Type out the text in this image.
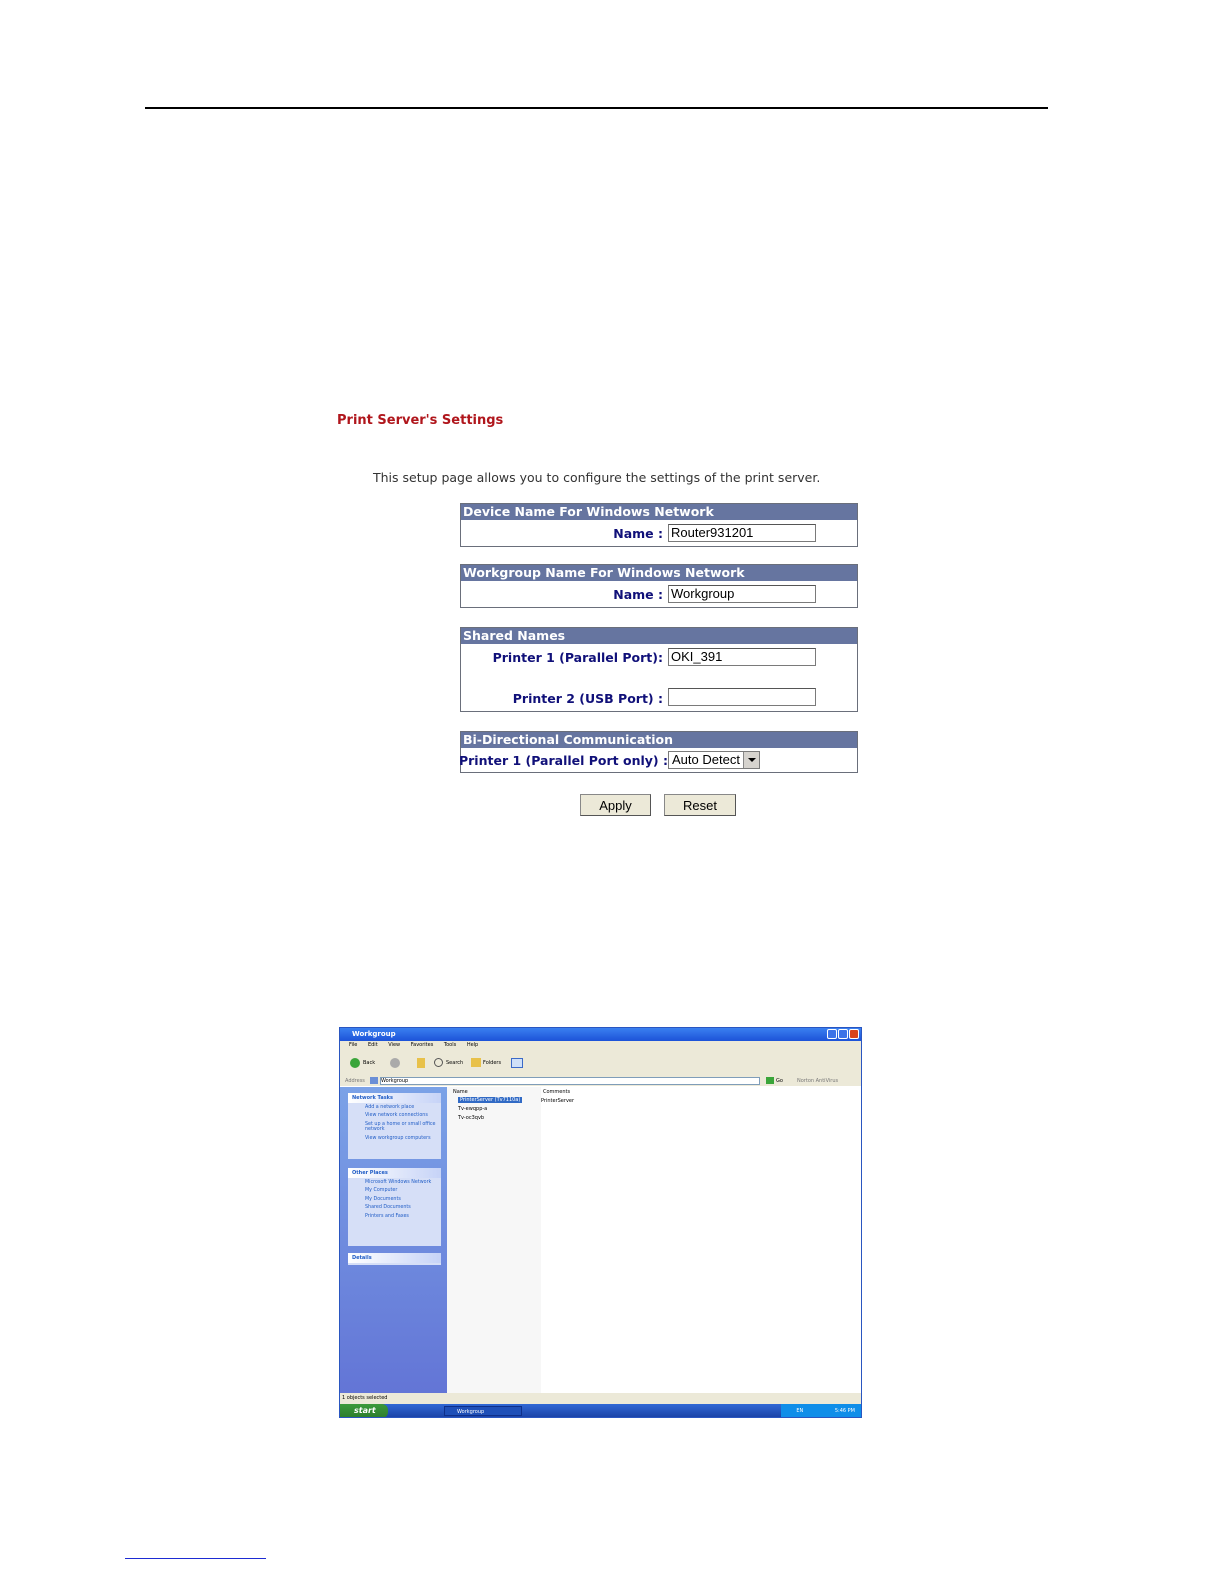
Print Server's Settings
This setup page allows you to configure the settings of the print server.
Device Name For Windows Network
Name :
Router931201
Workgroup Name For Windows Network
Name :
Workgroup
Shared Names
Printer 1 (Parallel Port):
OKI_391
Printer 2 (USB Port) :
Bi-Directional Communication
Printer 1 (Parallel Port only) : Auto Detect
Apply	Reset
Workgroup
File Edit View Favorites Tools Help
Back	Search	Folders
Address	Workgroup	Go	Norton AntiVirus
Network Tasks
Add a network place
View network connections
Set up a home or small office network
View workgroup computers
Other Places
Microsoft Windows Network
My Computer
My Documents
Shared Documents
Printers and Faxes
Details
Name
PrinterServer (Tv7110a)
Tv-ewqpp-a
Tv-oc3qvb
Comments
PrinterServer
1 objects selected
start	Workgroup	EN	5:46 PM
